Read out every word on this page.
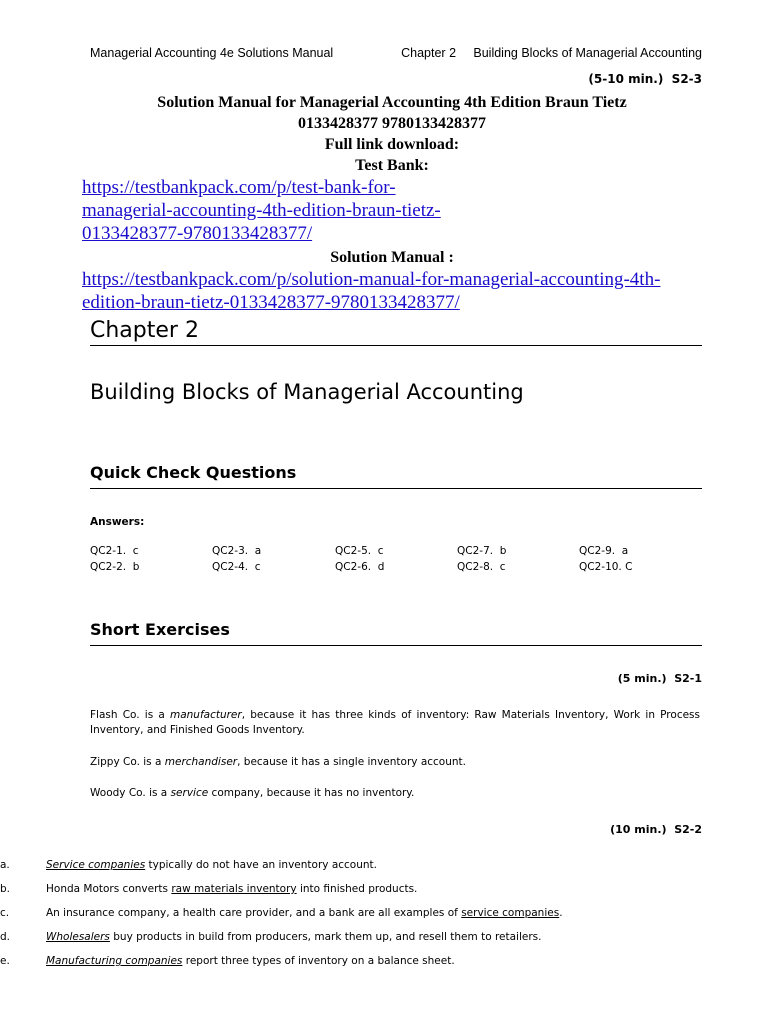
Managerial Accounting 4e Solutions Manual	Chapter 2     Building Blocks of Managerial Accounting
(5-10 min.)  S2-3
Solution Manual for Managerial Accounting 4th Edition Braun Tietz
0133428377 9780133428377
Full link download:
Test Bank:
https:/​/​testbankpack.com/​p/​test-​bank-​for-​managerial-​accounting-​4th-​edition-​braun-​tietz-​0133428377-​9780133428377/​
Solution Manual :
https:/​/​testbankpack.com/​p/​solution-​manual-​for-​managerial-​accounting-​4th-​edition-​braun-​tietz-​0133428377-​9780133428377/​
Chapter 2
Building Blocks of Managerial Accounting
Quick Check Questions
Answers:
QC2-1.  c	QC2-3.  a	QC2-5.  c	QC2-7.  b	QC2-9.  a
QC2-2.  b	QC2-4.  c	QC2-6.  d	QC2-8.  c	QC2-10. C
Short Exercises
(5 min.)  S2-1
Flash Co. is a manufacturer, because it has three kinds of inventory: Raw Materials Inventory, Work in Process Inventory, and Finished Goods Inventory.
Zippy Co. is a merchandiser, because it has a single inventory account.
Woody Co. is a service company, because it has no inventory.
(10 min.)  S2-2
a.	Service companies typically do not have an inventory account.
b.	Honda Motors converts raw materials inventory into finished products.
c.	An insurance company, a health care provider, and a bank are all examples of service companies.
d.	Wholesalers buy products in build from producers, mark them up, and resell them to retailers.
e.	Manufacturing companies report three types of inventory on a balance sheet.
